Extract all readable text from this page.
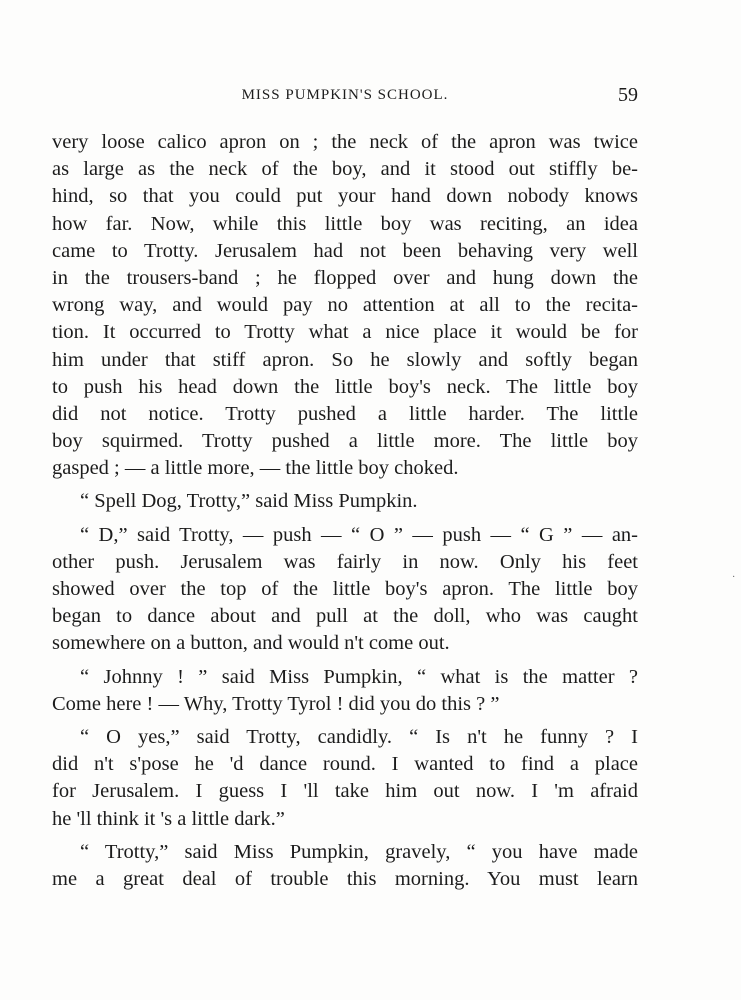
MISS PUMPKIN'S SCHOOL.	59
very loose calico apron on ; the neck of the apron was twice
as large as the neck of the boy, and it stood out stiffly be-
hind, so that you could put your hand down nobody knows
how far. Now, while this little boy was reciting, an idea
came to Trotty. Jerusalem had not been behaving very well
in the trousers-band ; he flopped over and hung down the
wrong way, and would pay no attention at all to the recita-
tion. It occurred to Trotty what a nice place it would be for
him under that stiff apron. So he slowly and softly began
to push his head down the little boy's neck. The little boy
did not notice. Trotty pushed a little harder. The little
boy squirmed. Trotty pushed a little more. The little boy
gasped ; — a little more, — the little boy choked.
“ Spell Dog, Trotty,” said Miss Pumpkin.
“ D,” said Trotty, — push — “ O ” — push — “ G ” — an-
other push. Jerusalem was fairly in now. Only his feet
showed over the top of the little boy's apron. The little boy
began to dance about and pull at the doll, who was caught
somewhere on a button, and would n't come out.
“ Johnny ! ” said Miss Pumpkin, “ what is the matter ?
Come here ! — Why, Trotty Tyrol ! did you do this ? ”
“ O yes,” said Trotty, candidly. “ Is n't he funny ? I
did n't s'pose he 'd dance round. I wanted to find a place
for Jerusalem. I guess I 'll take him out now. I 'm afraid
he 'll think it 's a little dark.”
“ Trotty,” said Miss Pumpkin, gravely, “ you have made
me a great deal of trouble this morning. You must learn
·
